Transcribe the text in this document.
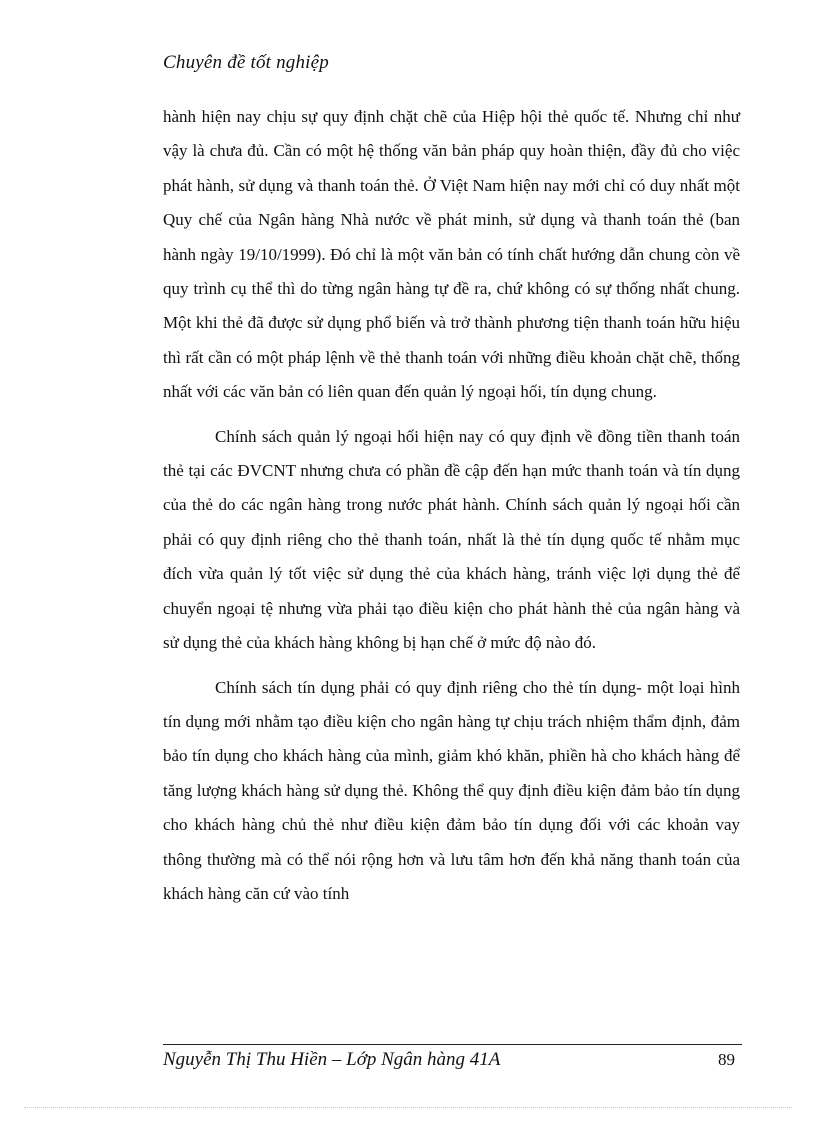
Chuyên đề tốt nghiệp

hành hiện nay chịu sự quy định chặt chẽ của Hiệp hội thẻ quốc tế. Nhưng chỉ như vậy là chưa đủ. Cần có một hệ thống văn bản pháp quy hoàn thiện, đầy đủ cho việc phát hành, sử dụng và thanh toán thẻ. Ở Việt Nam hiện nay mới chỉ có duy nhất một Quy chế của Ngân hàng Nhà nước về phát minh, sử dụng và thanh toán thẻ (ban hành ngày 19/10/1999). Đó chỉ là một văn bản có tính chất hướng dẫn chung còn về quy trình cụ thể thì do từng ngân hàng tự đề ra, chứ không có sự thống nhất chung. Một khi thẻ đã được sử dụng phổ biến và trở thành phương tiện thanh toán hữu hiệu thì rất cần có một pháp lệnh về thẻ thanh toán với những điều khoản chặt chẽ, thống nhất với các văn bản có liên quan đến quản lý ngoại hối, tín dụng chung.

Chính sách quản lý ngoại hối hiện nay có quy định về đồng tiền thanh toán thẻ tại các ĐVCNT nhưng chưa có phần đề cập đến hạn mức thanh toán và tín dụng của thẻ do các ngân hàng trong nước phát hành. Chính sách quản lý ngoại hối cần phải có quy định riêng cho thẻ thanh toán, nhất là thẻ tín dụng quốc tế nhằm mục đích vừa quản lý tốt việc sử dụng thẻ của khách hàng, tránh việc lợi dụng thẻ để chuyển ngoại tệ nhưng vừa phải tạo điều kiện cho phát hành thẻ của ngân hàng và sử dụng thẻ của khách hàng không bị hạn chế ở mức độ nào đó.

Chính sách tín dụng phải có quy định riêng cho thẻ tín dụng- một loại hình tín dụng mới nhằm tạo điều kiện cho ngân hàng tự chịu trách nhiệm thẩm định, đảm bảo tín dụng cho khách hàng của mình, giảm khó khăn, phiền hà cho khách hàng để tăng lượng khách hàng sử dụng thẻ. Không thể quy định điều kiện đảm bảo tín dụng cho khách hàng chủ thẻ như điều kiện đảm bảo tín dụng đối với các khoản vay thông thường mà có thể nói rộng hơn và lưu tâm hơn đến khả năng thanh toán của khách hàng căn cứ vào tính

Nguyễn Thị Thu Hiền – Lớp Ngân hàng 41A	89
